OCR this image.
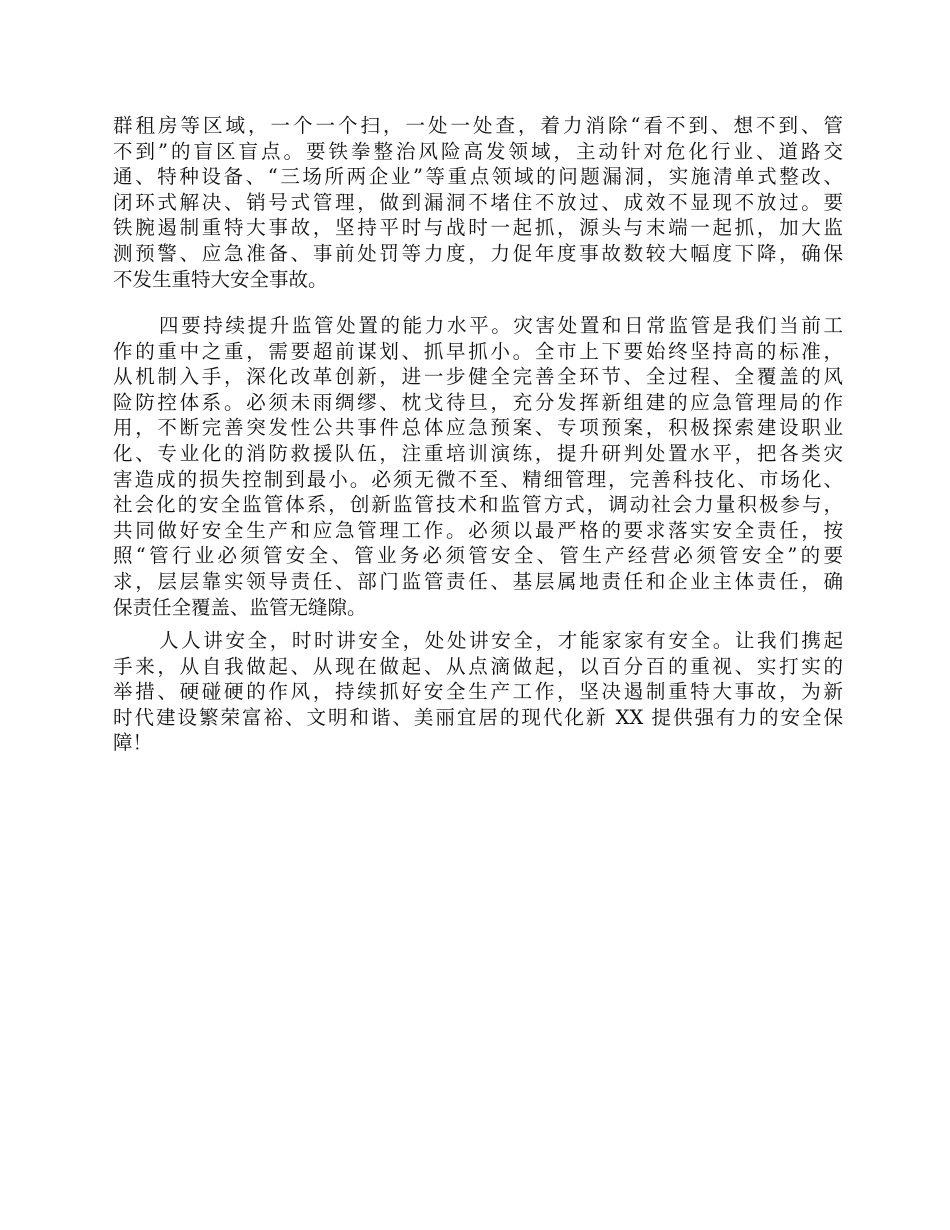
群租房等区域，一个一个扫，一处一处查，着力消除“看不到、想不到、管
不到”的盲区盲点。要铁拳整治风险高发领域，主动针对危化行业、道路交
通、特种设备、“三场所两企业”等重点领域的问题漏洞，实施清单式整改、
闭环式解决、销号式管理，做到漏洞不堵住不放过、成效不显现不放过。要
铁腕遏制重特大事故，坚持平时与战时一起抓，源头与末端一起抓，加大监
测预警、应急准备、事前处罚等力度，力促年度事故数较大幅度下降，确保
不发生重特大安全事故。
四要持续提升监管处置的能力水平。灾害处置和日常监管是我们当前工
作的重中之重，需要超前谋划、抓早抓小。全市上下要始终坚持高的标准，
从机制入手，深化改革创新，进一步健全完善全环节、全过程、全覆盖的风
险防控体系。必须未雨绸缪、枕戈待旦，充分发挥新组建的应急管理局的作
用，不断完善突发性公共事件总体应急预案、专项预案，积极探索建设职业
化、专业化的消防救援队伍，注重培训演练，提升研判处置水平，把各类灾
害造成的损失控制到最小。必须无微不至、精细管理，完善科技化、市场化、
社会化的安全监管体系，创新监管技术和监管方式，调动社会力量积极参与，
共同做好安全生产和应急管理工作。必须以最严格的要求落实安全责任，按
照“管行业必须管安全、管业务必须管安全、管生产经营必须管安全”的要
求，层层靠实领导责任、部门监管责任、基层属地责任和企业主体责任，确
保责任全覆盖、监管无缝隙。
人人讲安全，时时讲安全，处处讲安全，才能家家有安全。让我们携起
手来，从自我做起、从现在做起、从点滴做起，以百分百的重视、实打实的
举措、硬碰硬的作风，持续抓好安全生产工作，坚决遏制重特大事故，为新
时代建设繁荣富裕、文明和谐、美丽宜居的现代化新 XX 提供强有力的安全保
障！
